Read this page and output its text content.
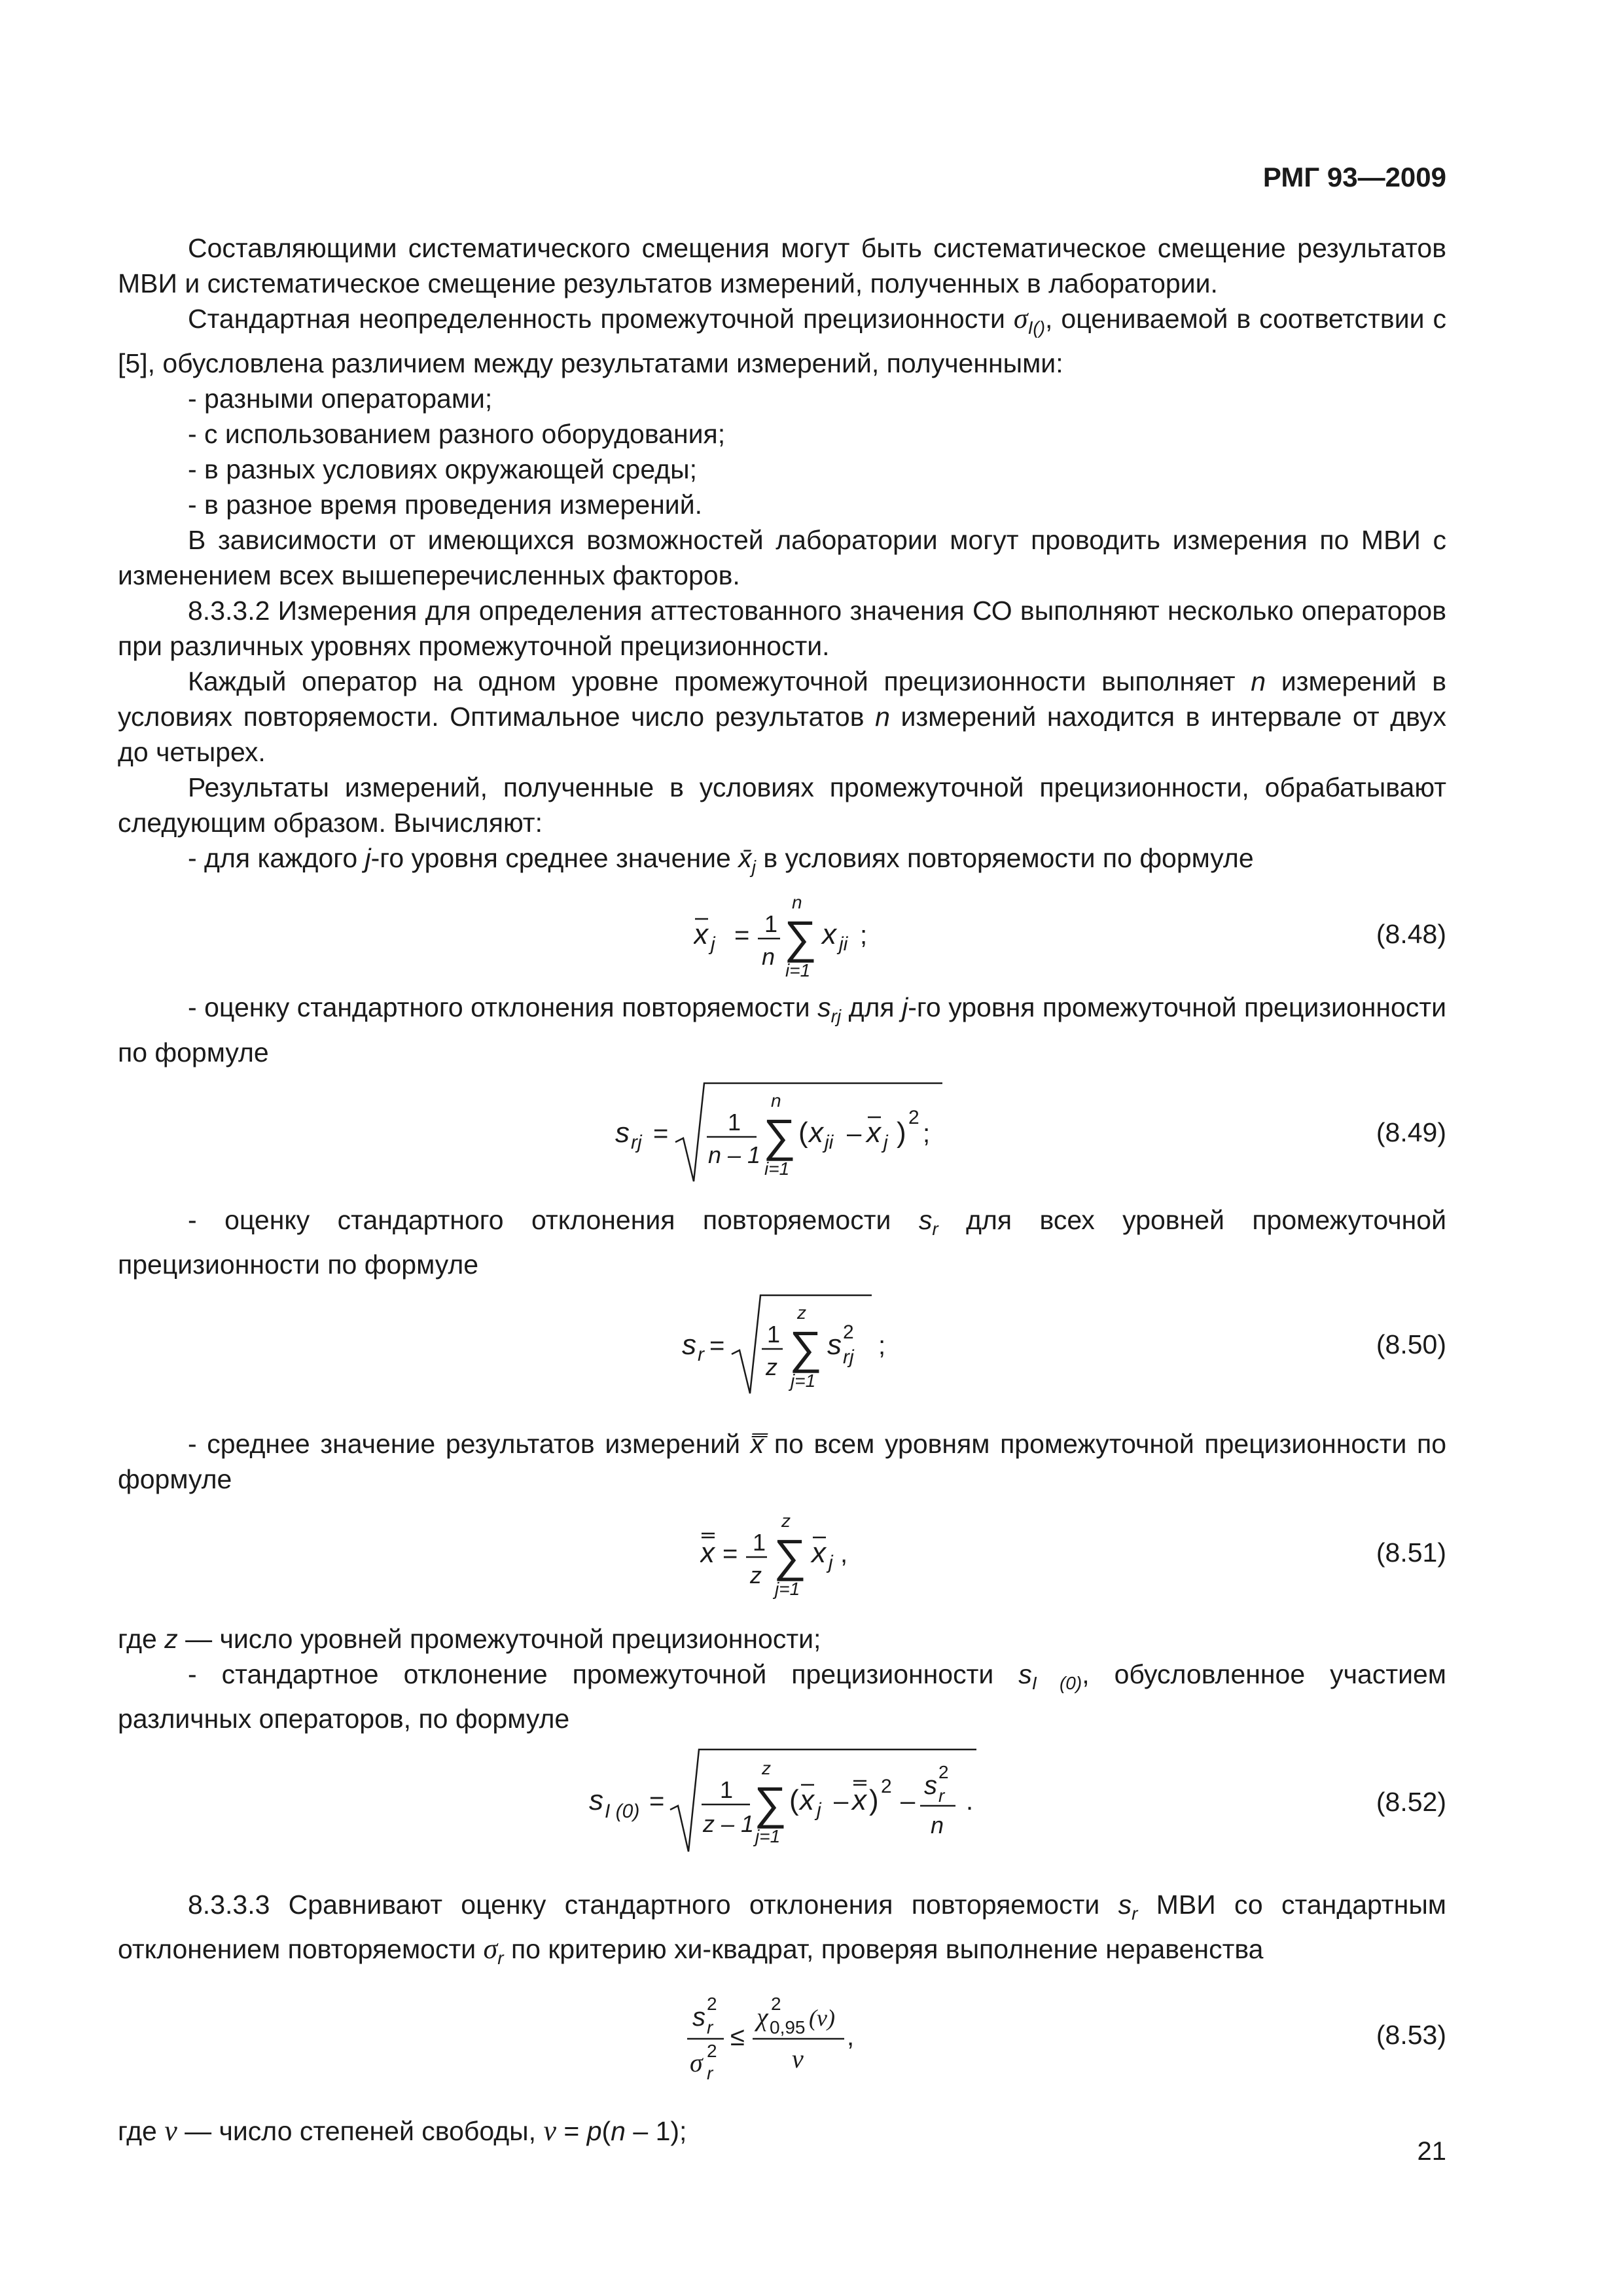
РМГ 93—2009

Составляющими систематического смещения могут быть систематическое смещение результатов МВИ и систематическое смещение результатов измерений, полученных в лаборатории.

Стандартная неопределенность промежуточной прецизионности $\sigma_{I()}$, оцениваемой в соответствии с [5], обусловлена различием между результатами измерений, полученными:

- разными операторами;

- с использованием разного оборудования;

- в разных условиях окружающей среды;

- в разное время проведения измерений.

В зависимости от имеющихся возможностей лаборатории могут проводить измерения по МВИ с изменением всех вышеперечисленных факторов.

8.3.3.2 Измерения для определения аттестованного значения СО выполняют несколько операторов при различных уровнях промежуточной прецизионности.

Каждый оператор на одном уровне промежуточной прецизионности выполняет n измерений в условиях повторяемости. Оптимальное число результатов n измерений находится в интервале от двух до четырех.

Результаты измерений, полученные в условиях промежуточной прецизионности, обрабатывают следующим образом. Вычисляют:

- для каждого j-го уровня среднее значение $x̄_j$ в условиях повторяемости по формуле

x j = 1
n
n
∑
i=1
x ji ;	(8.48)

- оценку стандартного отклонения повторяемости $s_{rj}$ для j-го уровня промежуточной прецизионности по формуле

s rj =	1
n – 1
n
∑
i=1
( x ji – x j ) 2
;	(8.49)

- оценку стандартного отклонения повторяемости $s_r$ для всех уровней промежуточной прецизионности по формуле

s r = 1
z
z
∑
j=1
s 2
rj ;	(8.50)

- среднее значение результатов измерений x̿ по всем уровням промежуточной прецизионности по формуле

x = 1
z
z
∑
j=1
x j ,	(8.51)

где z — число уровней промежуточной прецизионности;

- стандартное отклонение промежуточной прецизионности $s_{I (0)}$, обусловленное участием различных операторов, по формуле

s I (0) = 1
z – 1
z
∑
j=1
( x j – x ) 2
–
s 2
r
n
.	(8.52)

8.3.3.3 Сравнивают оценку стандартного отклонения повторяемости $s_r$ МВИ со стандартным отклонением повторяемости $\sigma_r$ по критерию хи-квадрат, проверяя выполнение неравенства

s 2
r
σ 2
r
≤
χ 2
0,95 (ν)
ν
,	(8.53)

где ν — число степеней свободы, ν = p(n – 1);

21
